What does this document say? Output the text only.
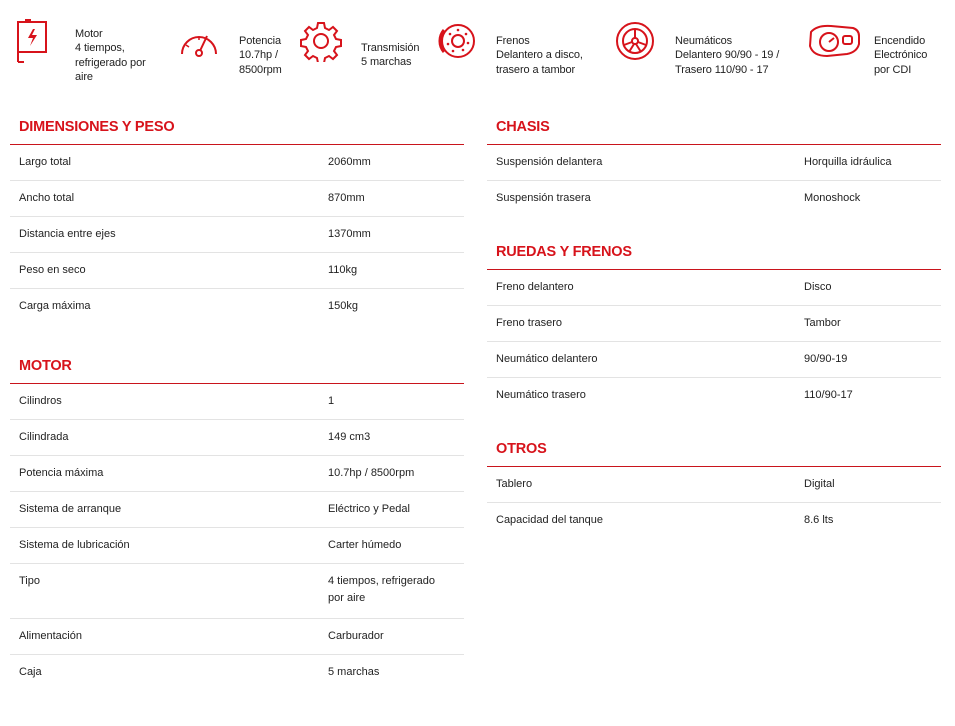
Motor
4 tiempos,
refrigerado por
aire

Potencia
10.7hp /
8500rpm

Transmisión
5 marchas

Frenos
Delantero a disco,
trasero a tambor

Neumáticos
Delantero 90/90 - 19 /
Trasero 110/90 - 17

Encendido
Electrónico
por CDI

DIMENSIONES Y PESO
Largo total	2060mm
Ancho total	870mm
Distancia entre ejes	1370mm
Peso en seco	110kg
Carga máxima	150kg
MOTOR
Cilindros	1
Cilindrada	149 cm3
Potencia máxima	10.7hp / 8500rpm
Sistema de arranque	Eléctrico y Pedal
Sistema de lubricación	Carter húmedo
Tipo	4 tiempos, refrigerado por aire
Alimentación	Carburador
Caja	5 marchas
CHASIS
Suspensión delantera	Horquilla idráulica
Suspensión trasera	Monoshock
RUEDAS Y FRENOS
Freno delantero	Disco
Freno trasero	Tambor
Neumático delantero	90/90-19
Neumático trasero	110/90-17
OTROS
Tablero	Digital
Capacidad del tanque	8.6 lts
